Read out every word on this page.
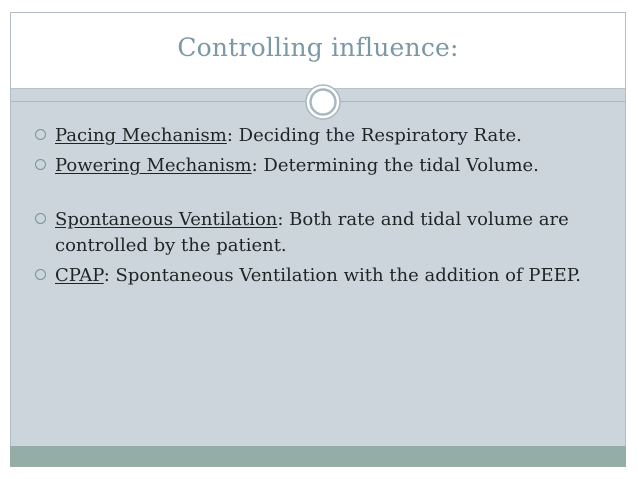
Controlling influence:
Pacing Mechanism: Deciding the Respiratory Rate.
Powering Mechanism: Determining the tidal Volume.
Spontaneous Ventilation: Both rate and tidal volume are controlled by the patient.
CPAP: Spontaneous Ventilation with the addition of PEEP.
